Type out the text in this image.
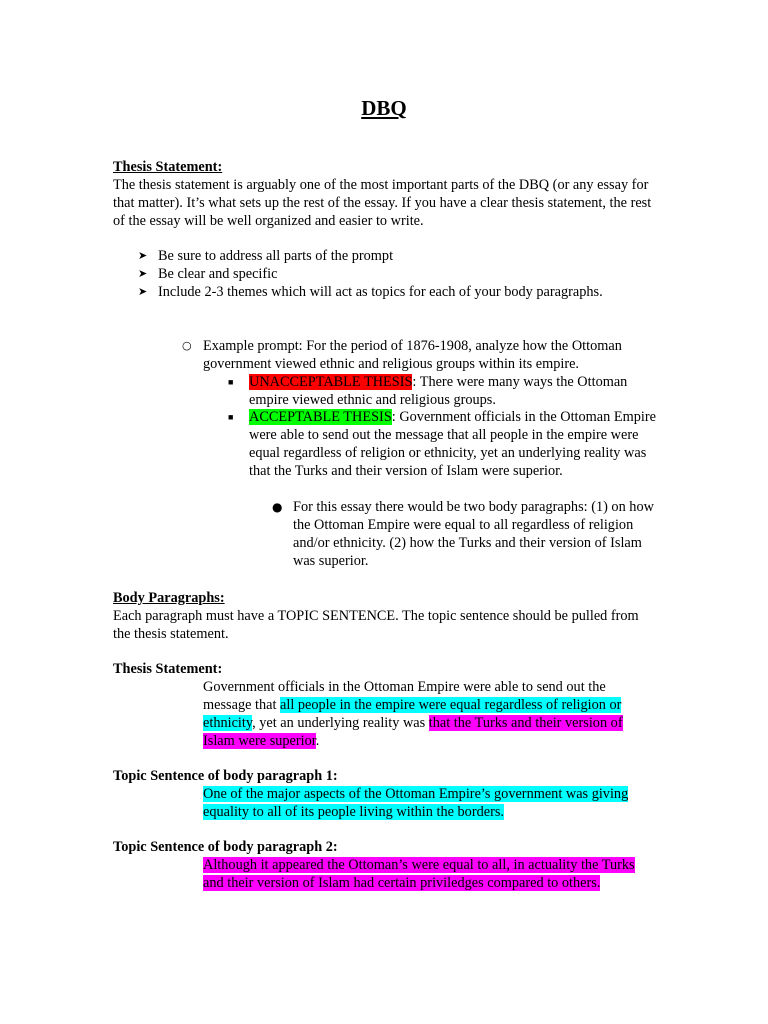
DBQ
Thesis Statement:

The thesis statement is arguably one of the most important parts of the DBQ (or any essay for that matter). It’s what sets up the rest of the essay. If you have a clear thesis statement, the rest of the essay will be well organized and easier to write.

➤ Be sure to address all parts of the prompt
➤ Be clear and specific
➤ Include 2-3 themes which will act as topics for each of your body paragraphs.
○ Example prompt: For the period of 1876-1908, analyze how the Ottoman government viewed ethnic and religious groups within its empire.
■ UNACCEPTABLE THESIS: There were many ways the Ottoman empire viewed ethnic and religious groups.
■ ACCEPTABLE THESIS: Government officials in the Ottoman Empire were able to send out the message that all people in the empire were equal regardless of religion or ethnicity, yet an underlying reality was that the Turks and their version of Islam were superior.
● For this essay there would be two body paragraphs: (1) on how the Ottoman Empire were equal to all regardless of religion and/or ethnicity. (2) how the Turks and their version of Islam was superior.
Body Paragraphs:

Each paragraph must have a TOPIC SENTENCE. The topic sentence should be pulled from the thesis statement.

Thesis Statement:
Government officials in the Ottoman Empire were able to send out the message that all people in the empire were equal regardless of religion or ethnicity, yet an underlying reality was that the Turks and their version of Islam were superior.
Topic Sentence of body paragraph 1:
One of the major aspects of the Ottoman Empire’s government was giving equality to all of its people living within the borders.
Topic Sentence of body paragraph 2:
Although it appeared the Ottoman’s were equal to all, in actuality the Turks and their version of Islam had certain priviledges compared to others.
